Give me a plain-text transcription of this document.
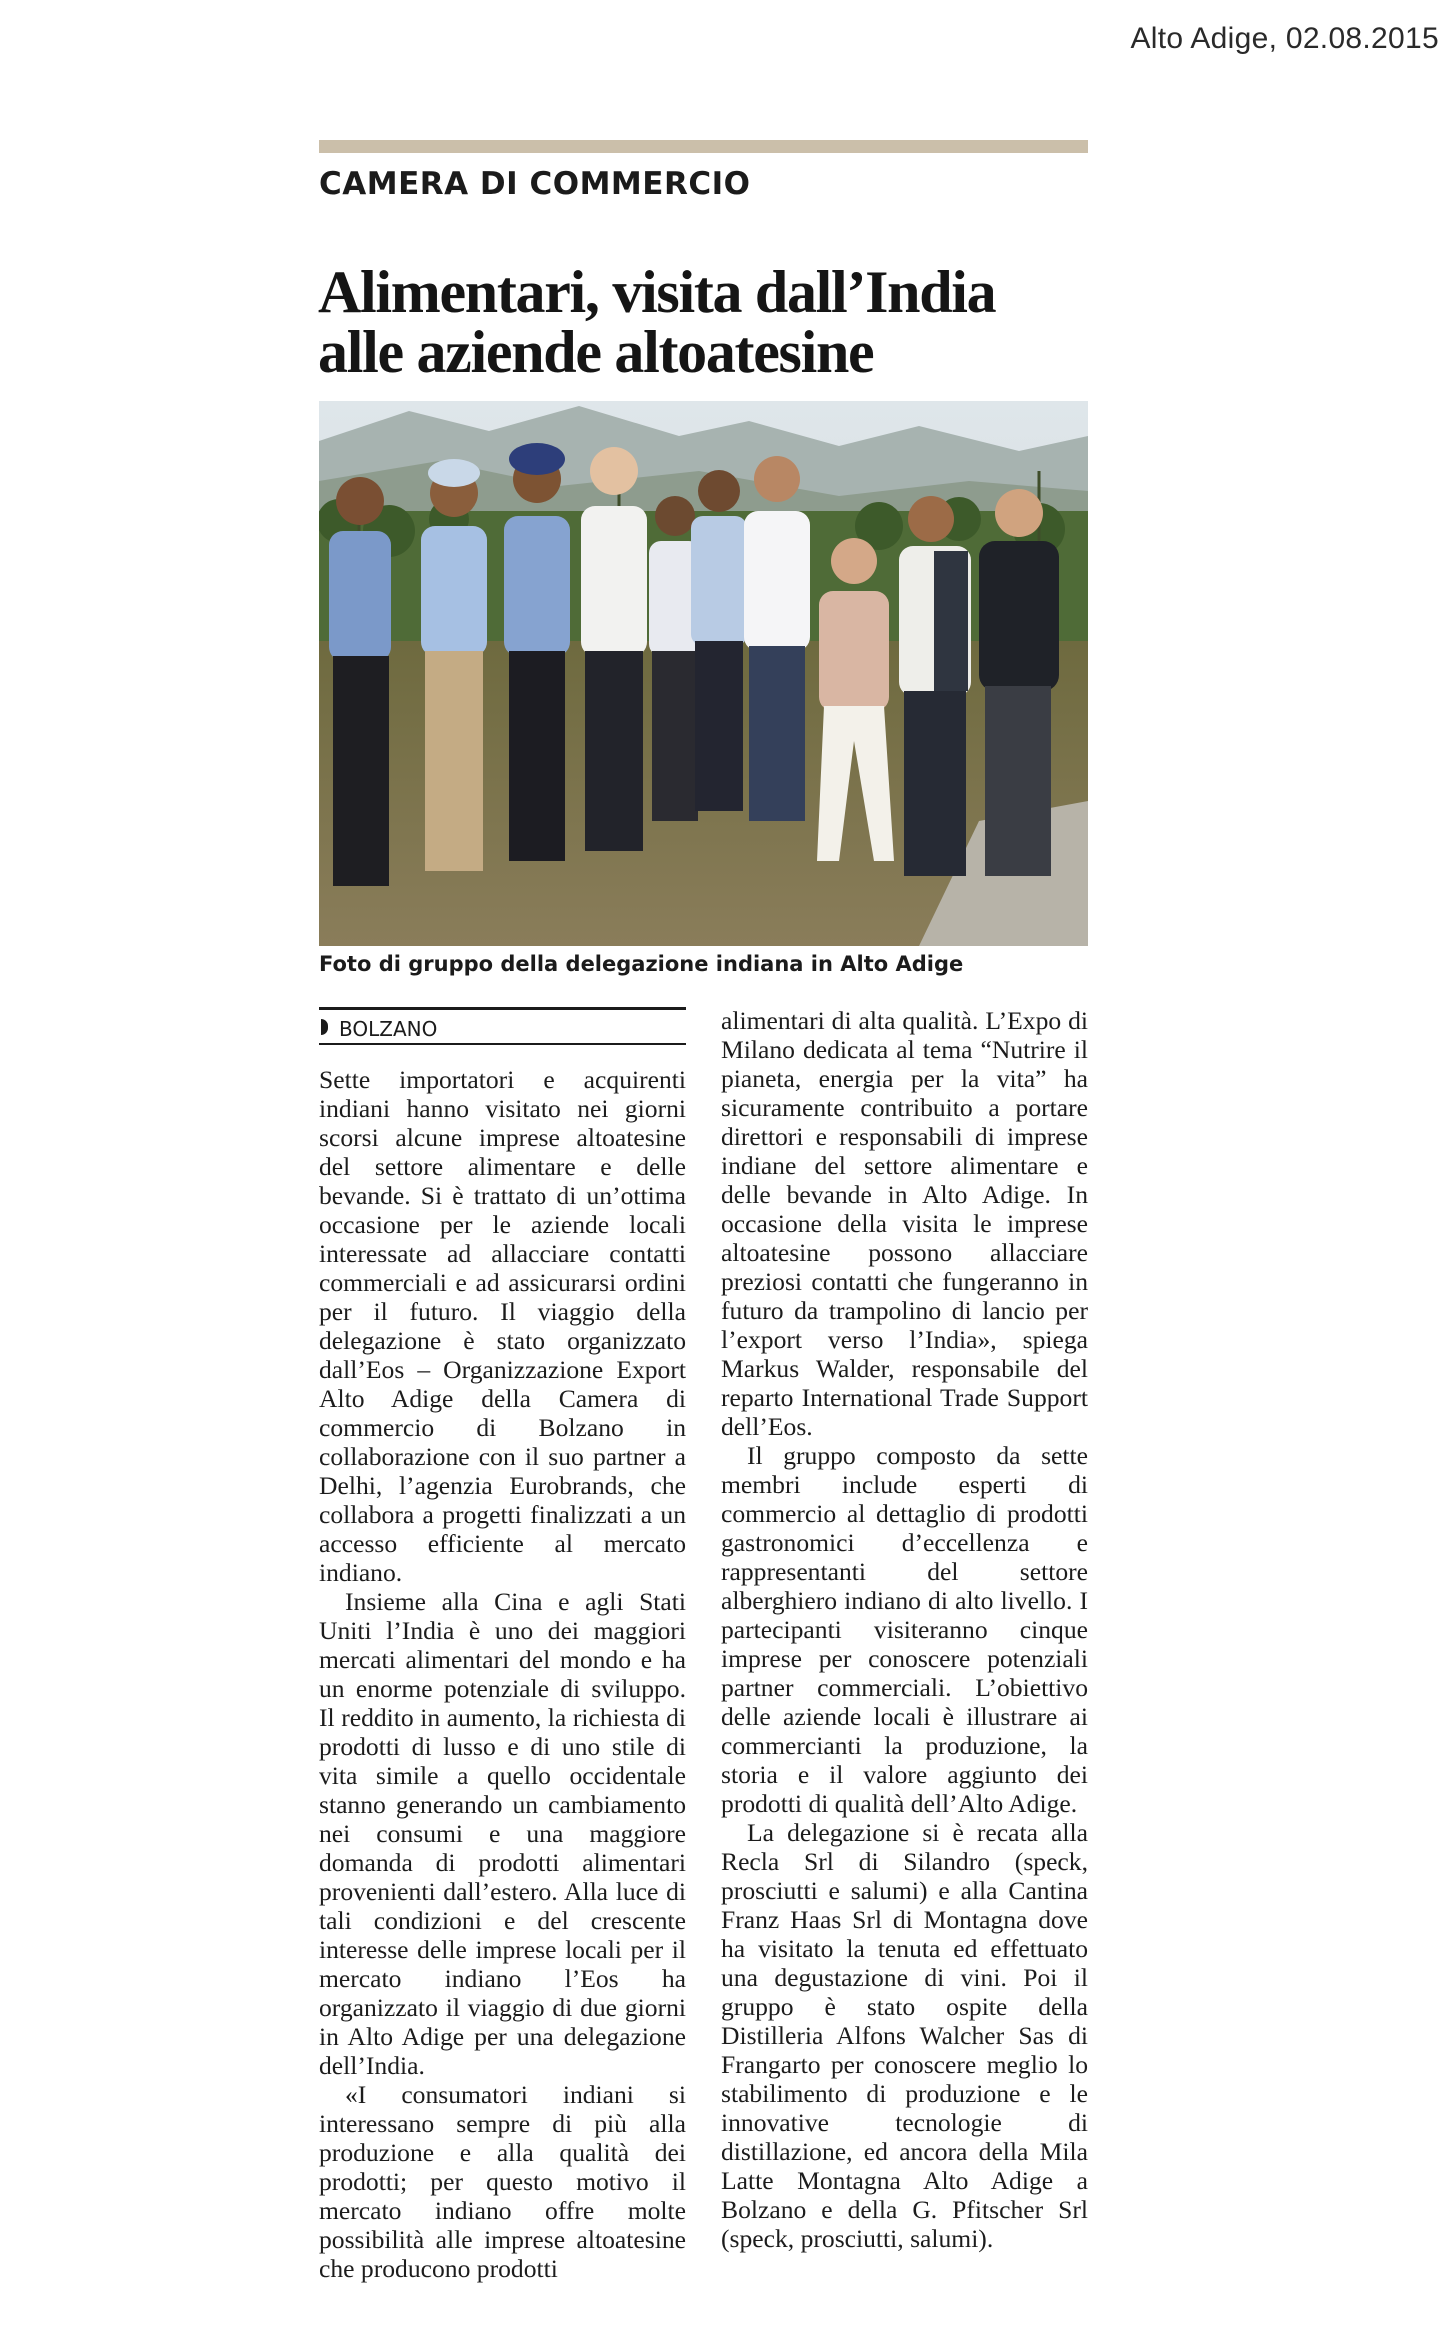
Alto Adige, 02.08.2015
CAMERA DI COMMERCIO
Alimentari, visita dall’India
alle aziende altoatesine
Foto di gruppo della delegazione indiana in Alto Adige
BOLZANO

Sette importatori e acquirenti indiani hanno visitato nei giorni scorsi alcune imprese altoatesine del settore alimentare e delle bevande. Si è trattato di un’ottima occasione per le aziende locali interessate ad allacciare contatti commerciali e ad assicurarsi ordini per il futuro. Il viaggio della delegazione è stato organizzato dall’Eos – Organizzazione Export Alto Adige della Camera di commercio di Bolzano in collaborazione con il suo partner a Delhi, l’agenzia Eurobrands, che collabora a progetti finalizzati a un accesso efficiente al mercato indiano.

Insieme alla Cina e agli Stati Uniti l’India è uno dei maggiori mercati alimentari del mondo e ha un enorme potenziale di sviluppo. Il reddito in aumento, la richiesta di prodotti di lusso e di uno stile di vita simile a quello occidentale stanno generando un cambiamento nei consumi e una maggiore domanda di prodotti alimentari provenienti dall’estero. Alla luce di tali condizioni e del crescente interesse delle imprese locali per il mercato indiano l’Eos ha organizzato il viaggio di due giorni in Alto Adige per una delegazione dell’India.

«I consumatori indiani si interessano sempre di più alla produzione e alla qualità dei prodotti; per questo motivo il mercato indiano offre molte possibilità alle imprese altoatesine che producono prodotti

alimentari di alta qualità. L’Expo di Milano dedicata al tema “Nutrire il pianeta, energia per la vita” ha sicuramente contribuito a portare direttori e responsabili di imprese indiane del settore alimentare e delle bevande in Alto Adige. In occasione della visita le imprese altoatesine possono allacciare preziosi contatti che fungeranno in futuro da trampolino di lancio per l’export verso l’India», spiega Markus Walder, responsabile del reparto International Trade Support dell’Eos.

Il gruppo composto da sette membri include esperti di commercio al dettaglio di prodotti gastronomici d’eccellenza e rappresentanti del settore alberghiero indiano di alto livello. I partecipanti visiteranno cinque imprese per conoscere potenziali partner commerciali. L’obiettivo delle aziende locali è illustrare ai commercianti la produzione, la storia e il valore aggiunto dei prodotti di qualità dell’Alto Adige.

La delegazione si è recata alla Recla Srl di Silandro (speck, prosciutti e salumi) e alla Cantina Franz Haas Srl di Montagna dove ha visitato la tenuta ed effettuato una degustazione di vini. Poi il gruppo è stato ospite della Distilleria Alfons Walcher Sas di Frangarto per conoscere meglio lo stabilimento di produzione e le innovative tecnologie di distillazione, ed ancora della Mila Latte Montagna Alto Adige a Bolzano e della G. Pfitscher Srl (speck, prosciutti, salumi).
